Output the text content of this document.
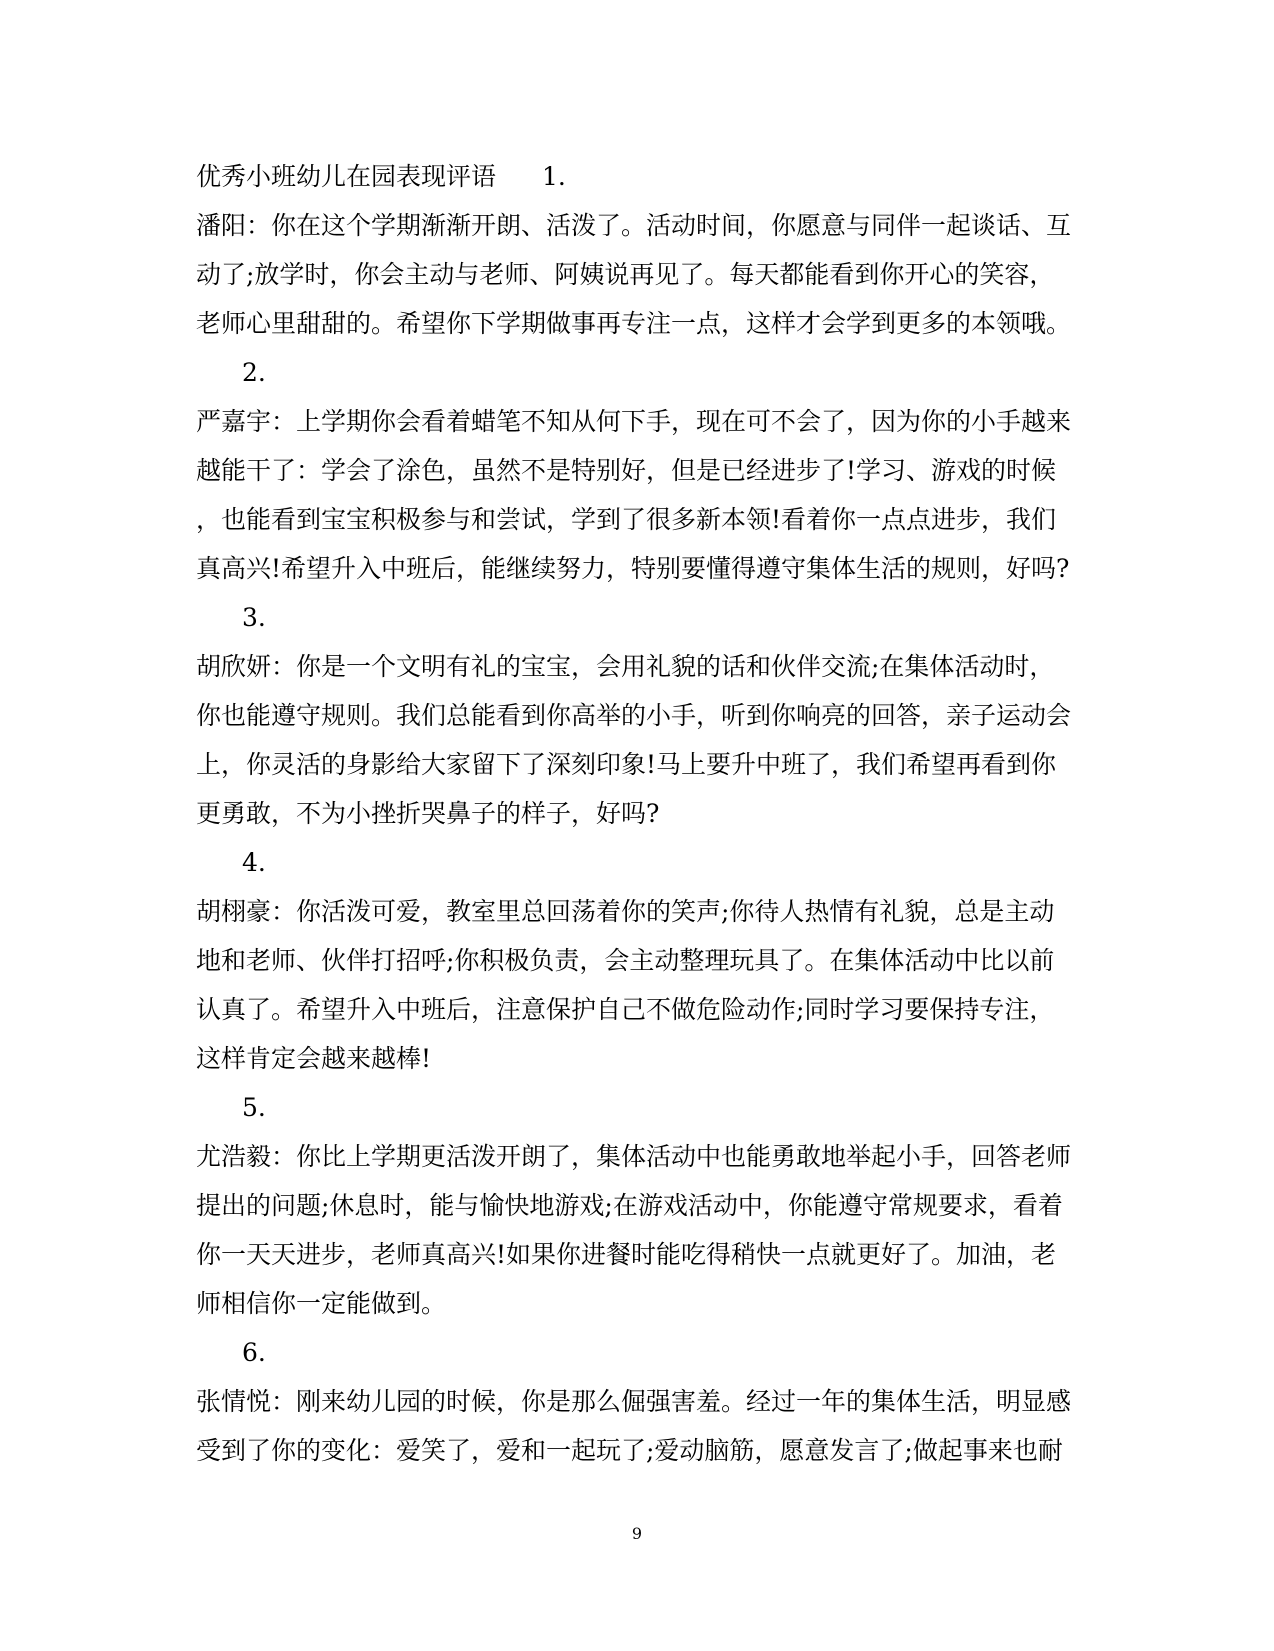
优秀小班幼儿在园表现评语 1.
潘阳：你在这个学期渐渐开朗、活泼了。活动时间，你愿意与同伴一起谈话、互
动了;放学时，你会主动与老师、阿姨说再见了。每天都能看到你开心的笑容，
老师心里甜甜的。希望你下学期做事再专注一点，这样才会学到更多的本领哦。
2.
严嘉宇：上学期你会看着蜡笔不知从何下手，现在可不会了，因为你的小手越来
越能干了：学会了涂色，虽然不是特别好，但是已经进步了!学习、游戏的时候
，也能看到宝宝积极参与和尝试，学到了很多新本领!看着你一点点进步，我们
真高兴!希望升入中班后，能继续努力，特别要懂得遵守集体生活的规则，好吗?
3.
胡欣妍：你是一个文明有礼的宝宝，会用礼貌的话和伙伴交流;在集体活动时，
你也能遵守规则。我们总能看到你高举的小手，听到你响亮的回答，亲子运动会
上，你灵活的身影给大家留下了深刻印象!马上要升中班了，我们希望再看到你
更勇敢，不为小挫折哭鼻子的样子，好吗?
4.
胡栩豪：你活泼可爱，教室里总回荡着你的笑声;你待人热情有礼貌，总是主动
地和老师、伙伴打招呼;你积极负责，会主动整理玩具了。在集体活动中比以前
认真了。希望升入中班后，注意保护自己不做危险动作;同时学习要保持专注，
这样肯定会越来越棒!
5.
尤浩毅：你比上学期更活泼开朗了，集体活动中也能勇敢地举起小手，回答老师
提出的问题;休息时，能与愉快地游戏;在游戏活动中，你能遵守常规要求，看着
你一天天进步，老师真高兴!如果你进餐时能吃得稍快一点就更好了。加油，老
师相信你一定能做到。
6.
张情悦：刚来幼儿园的时候，你是那么倔强害羞。经过一年的集体生活，明显感
受到了你的变化：爱笑了，爱和一起玩了;爱动脑筋，愿意发言了;做起事来也耐
9
